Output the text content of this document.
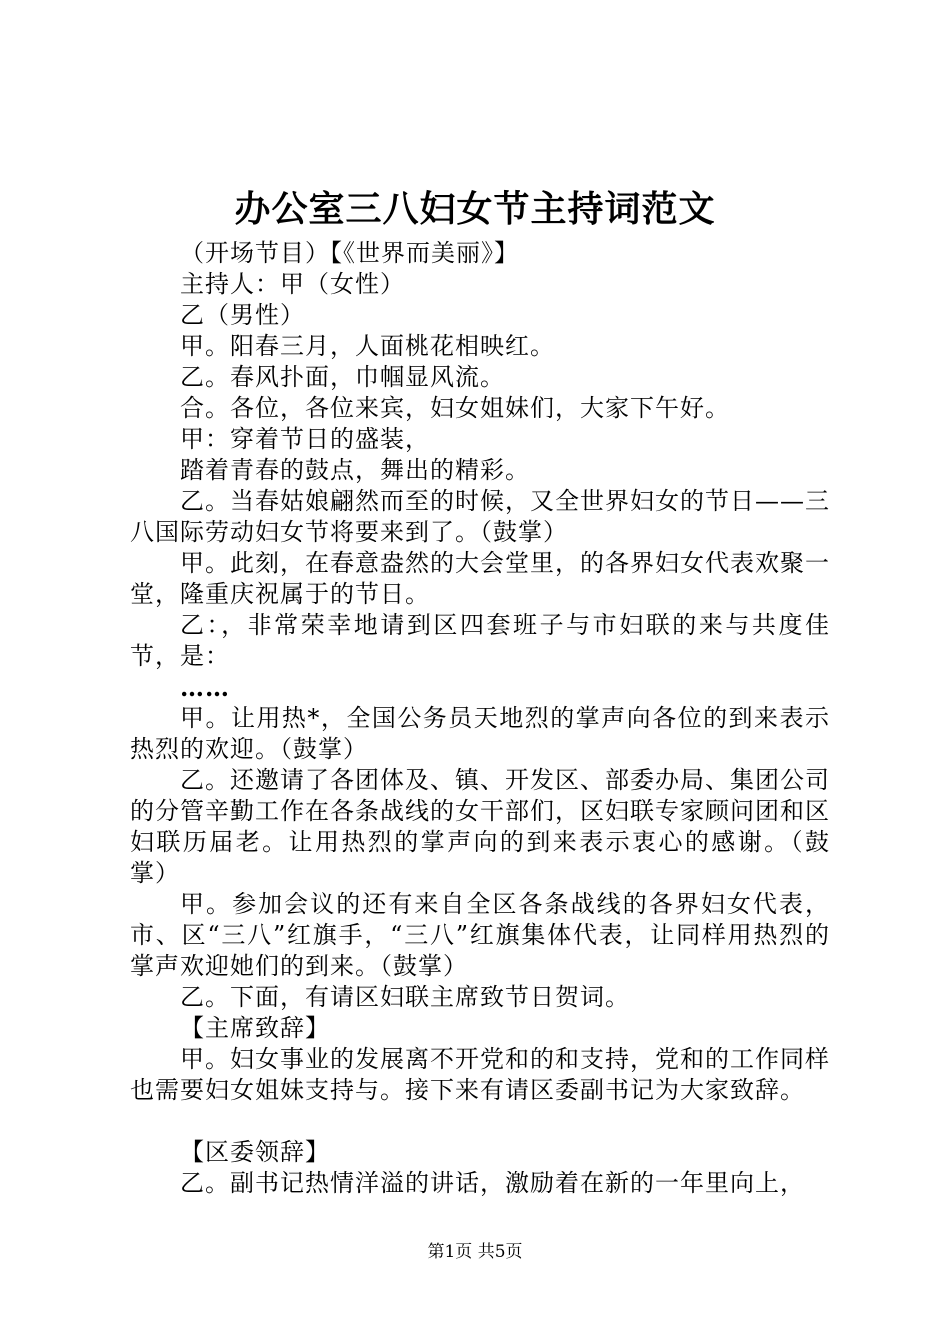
办公室三八妇女节主持词范文

（开场节目）【《世界而美丽》】

主持人：甲（女性）

乙（男性）

甲。阳春三月，人面桃花相映红。

乙。春风扑面，巾帼显风流。

合。各位，各位来宾，妇女姐妹们，大家下午好。

甲：穿着节日的盛装，

踏着青春的鼓点，舞出的精彩。

乙。当春姑娘翩然而至的时候，又全世界妇女的节日——三八国际劳动妇女节将要来到了。（鼓掌）

甲。此刻，在春意盎然的大会堂里，的各界妇女代表欢聚一堂，隆重庆祝属于的节日。

乙：，非常荣幸地请到区四套班子与市妇联的来与共度佳节，是：

……

甲。让用热*，全国公务员天地烈的掌声向各位的到来表示热烈的欢迎。（鼓掌）

乙。还邀请了各团体及、镇、开发区、部委办局、集团公司的分管辛勤工作在各条战线的女干部们，区妇联专家顾问团和区妇联历届老。让用热烈的掌声向的到来表示衷心的感谢。（鼓掌）

甲。参加会议的还有来自全区各条战线的各界妇女代表，市、区“三八”红旗手，“三八”红旗集体代表，让同样用热烈的掌声欢迎她们的到来。（鼓掌）

乙。下面，有请区妇联主席致节日贺词。

【主席致辞】

甲。妇女事业的发展离不开党和的和支持，党和的工作同样也需要妇女姐妹支持与。接下来有请区委副书记为大家致辞。

【区委领辞】

乙。副书记热情洋溢的讲话，激励着在新的一年里向上，

第1页 共5页
